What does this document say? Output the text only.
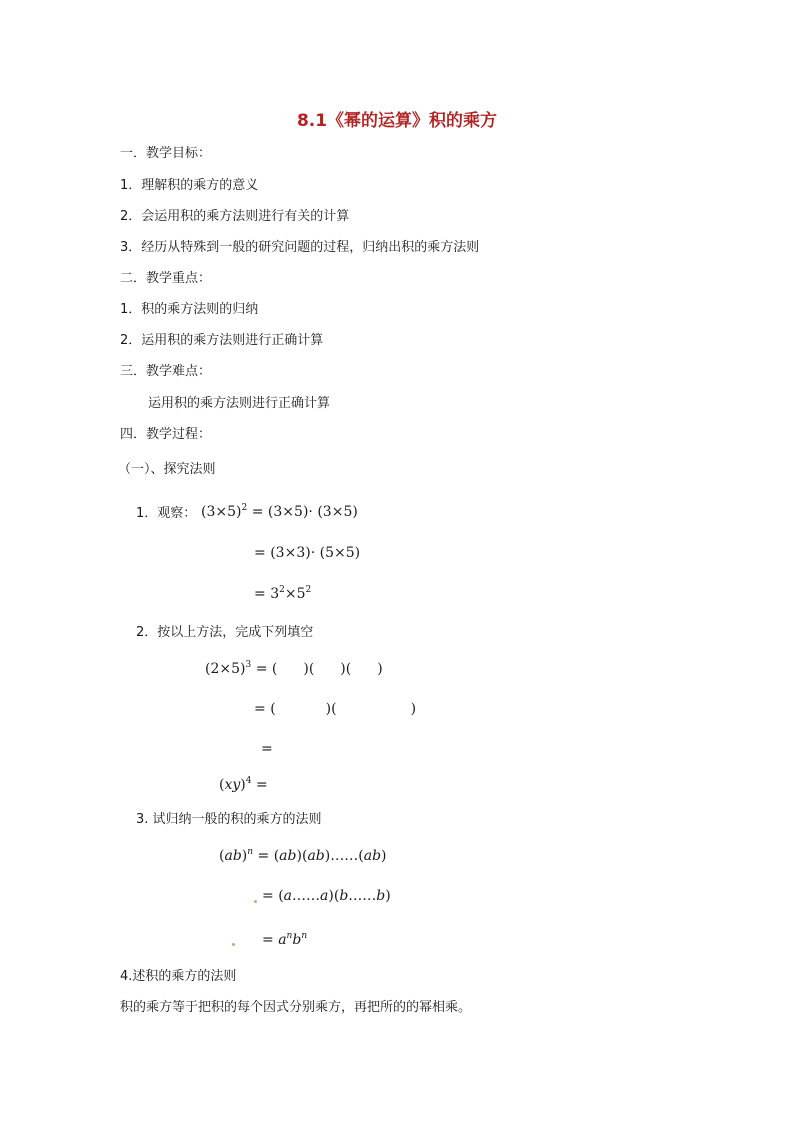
8.1《幂的运算》积的乘方
一．教学目标：
1．理解积的乘方的意义
2．会运用积的乘方法则进行有关的计算
3．经历从特殊到一般的研究问题的过程，归纳出积的乘方法则
二．教学重点：
1．积的乘方法则的归纳
2．运用积的乘方法则进行正确计算
三．教学难点：
运用积的乘方法则进行正确计算
四．教学过程：
（一）、探究法则
1．观察： $(3\times 5)^2 = (3\times 5)\cdot (3\times 5)$
= (3×3)· (5×5)
= $3^2\times 5^2$
2．按以上方法，完成下列填空
$(2\times 5)^3$ = ( )( )( )
= (	)(	)
=
(xy)$^4$ =
3. 试归纳一般的积的乘方的法则
(ab)$^n$ = (ab)(ab)……(ab)
= (a……a)(b……b)
= $a^nb^n$
4.述积的乘方的法则
积的乘方等于把积的每个因式分别乘方，再把所的的幂相乘。
